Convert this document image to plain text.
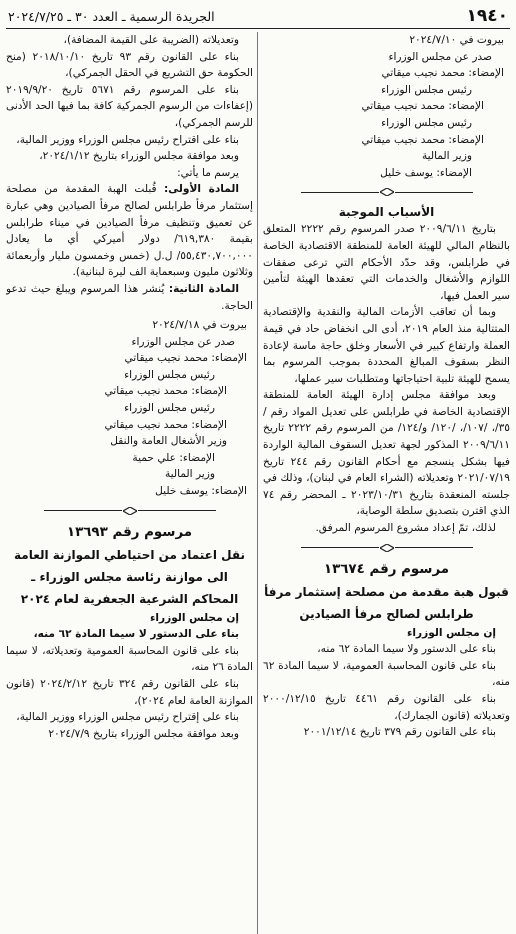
١٩٤٠
الجريدة الرسمية ـ العدد ٣٠ ـ ٢٠٢٤/٧/٢٥

بيروت في ٢٠٢٤/٧/١٠

صدر عن مجلس الوزراء

الإمضاء: محمد نجيب ميقاتي

رئيس مجلس الوزراء

الإمضاء: محمد نجيب ميقاتي

رئيس مجلس الوزراء

الإمضاء: محمد نجيب ميقاتي

وزير المالية

الإمضاء: يوسف خليل

الأسباب الموجبة

بتاريخ ٢٠٠٩/٦/١١ صدر المرسوم رقم ٢٢٢٢ المتعلق بالنظام المالي للهيئة العامة للمنطقة الاقتصادية الخاصة في طرابلس، وقد حدّد الأحكام التي ترعى صفقات اللوازم والأشغال والخدمات التي تعقدها الهيئة لتأمين سير العمل فيها،

وبما أن تعاقب الأزمات المالية والنقدية والإقتصادية المتتالية منذ العام ٢٠١٩، أدى الى انخفاض حاد في قيمة العملة وارتفاع كبير في الأسعار وخلق حاجة ماسة لإعادة النظر بسقوف المبالغ المحددة بموجب المرسوم بما يسمح للهيئة تلبية احتياجاتها ومتطلبات سير عملها،

وبعد موافقة مجلس إدارة الهيئة العامة للمنطقة الإقتصادية الخاصة في طرابلس على تعديل المواد رقم /٣٥/، /١٠٧/، /١٢٠/ و/١٢٤/ من المرسوم رقم ٢٢٢٢ تاريخ ٢٠٠٩/٦/١١ المذكور لجهة تعديل السقوف المالية الواردة فيها بشكل ينسجم مع أحكام القانون رقم ٢٤٤ تاريخ ٢٠٢١/٠٧/١٩ وتعديلاته (الشراء العام في لبنان)، وذلك في جلسته المنعقدة بتاريخ ٢٠٢٣/١٠/٣١ ـ المحضر رقم ٧٤ الذي اقترن بتصديق سلطة الوصاية،

لذلك، تمّ إعداد مشروع المرسوم المرفق.

مرسوم رقم ١٣٦٧٤

قبول هبة مقدمة من مصلحة إستثمار مرفأ

طرابلس لصالح مرفأ الصيادين

إن مجلس الوزراء

بناء على الدستور ولا سيما المادة ٦٢ منه،

بناء على قانون المحاسبة العمومية، لا سيما المادة ٦٢ منه،

بناء على القانون رقم ٤٤٦١ تاريخ ٢٠٠٠/١٢/١٥ وتعديلاته (قانون الجمارك)،

بناء على القانون رقم ٣٧٩ تاريخ ٢٠٠١/١٢/١٤

وتعديلاته (الضريبة على القيمة المضافة)،

بناء على القانون رقم ٩٣ تاريخ ٢٠١٨/١٠/١٠ (منح الحكومة حق التشريع في الحقل الجمركي)،

بناء على المرسوم رقم ٥٦٧١ تاريخ ٢٠١٩/٩/٢٠ (إعفاءات من الرسوم الجمركية كافة بما فيها الحد الأدنى للرسم الجمركي)،

بناء على اقتراح رئيس مجلس الوزراء ووزير المالية،

وبعد موافقة مجلس الوزراء بتاريخ ٢٠٢٤/١/١٢،

يرسم ما يأتي:

المادة الأولى: قُبلت الهبة المقدمة من مصلحة إستثمار مرفأ طرابلس لصالح مرفأ الصيادين وهي عبارة عن تعميق وتنظيف مرفأ الصيادين في ميناء طرابلس بقيمة ٦١٩,٣٨٠/ دولار أميركي أي ما يعادل ٥٥,٤٣٠,٧٠٠,٠٠٠/ ل.ل (خمس وخمسون مليار وأربعمائة وثلاثون مليون وسبعماية الف ليرة لبنانية).

المادة الثانية: يُنشر هذا المرسوم ويبلغ حيث تدعو الحاجة.

بيروت في ٢٠٢٤/٧/١٨

صدر عن مجلس الوزراء

الإمضاء: محمد نجيب ميقاتي

رئيس مجلس الوزراء

الإمضاء: محمد نجيب ميقاتي

رئيس مجلس الوزراء

الإمضاء: محمد نجيب ميقاتي

وزير الأشغال العامة والنقل

الإمضاء: علي حمية

وزير المالية

الإمضاء: يوسف خليل

مرسوم رقم ١٣٦٩٣

نقل اعتماد من احتياطي الموازنة العامة

الى موازنة رئاسة مجلس الوزراء ـ

المحاكم الشرعية الجعفرية لعام ٢٠٢٤

إن مجلس الوزراء

بناء على الدستور لا سيما المادة ٦٢ منه،

بناء على قانون المحاسبة العمومية وتعديلاته، لا سيما المادة ٢٦ منه،

بناء على القانون رقم ٣٢٤ تاريخ ٢٠٢٤/٢/١٢ (قانون الموازنة العامة لعام ٢٠٢٤)،

بناء على إقتراح رئيس مجلس الوزراء ووزير المالية،

وبعد موافقة مجلس الوزراء بتاريخ ٢٠٢٤/٧/٩
